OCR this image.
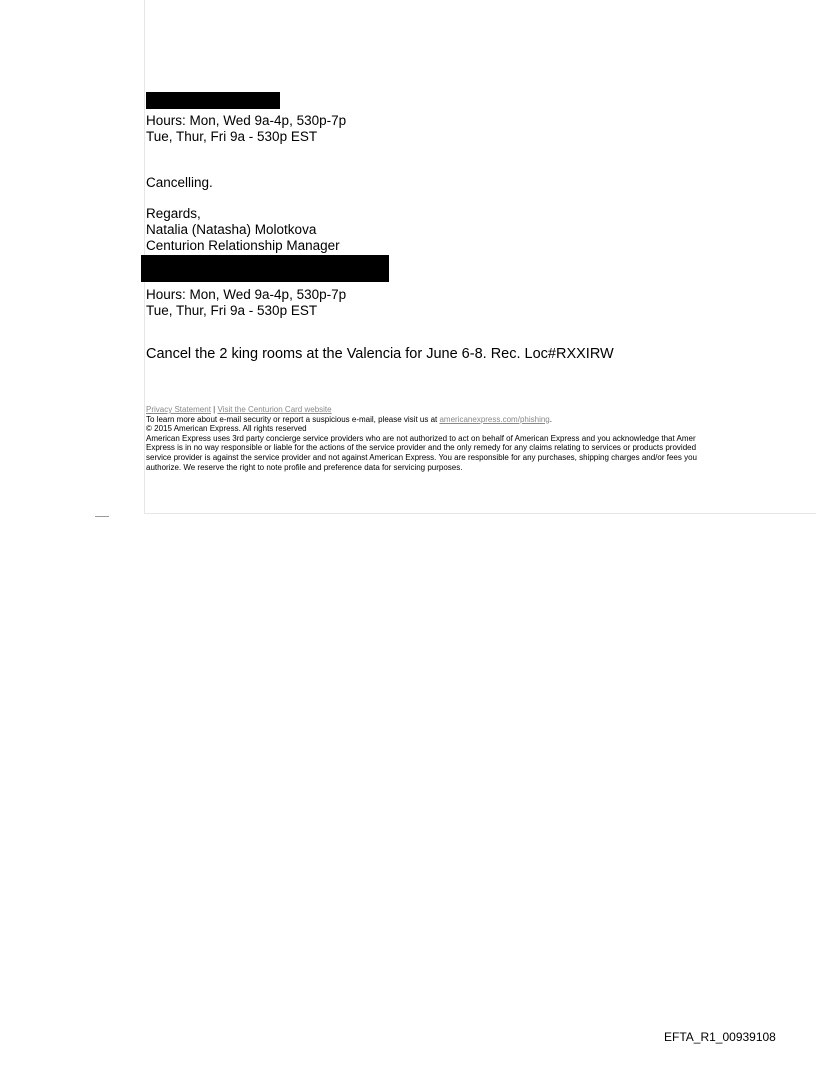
Hours: Mon, Wed 9a-4p, 530p-7p
Tue, Thur, Fri 9a - 530p EST
Cancelling.
Regards,
Natalia (Natasha) Molotkova
Centurion Relationship Manager
Hours: Mon, Wed 9a-4p, 530p-7p
Tue, Thur, Fri 9a - 530p EST
Cancel the 2 king rooms at the Valencia for June 6-8. Rec. Loc#RXXIRW
Privacy Statement | Visit the Centurion Card website
To learn more about e-mail security or report a suspicious e-mail, please visit us at americanexpress.com/phishing.
© 2015 American Express. All rights reserved
American Express uses 3rd party concierge service providers who are not authorized to act on behalf of American Express and you acknowledge that Amer
Express is in no way responsible or liable for the actions of the service provider and the only remedy for any claims relating to services or products provided
service provider is against the service provider and not against American Express. You are responsible for any purchases, shipping charges and/or fees you
authorize. We reserve the right to note profile and preference data for servicing purposes.
EFTA_R1_00939108
